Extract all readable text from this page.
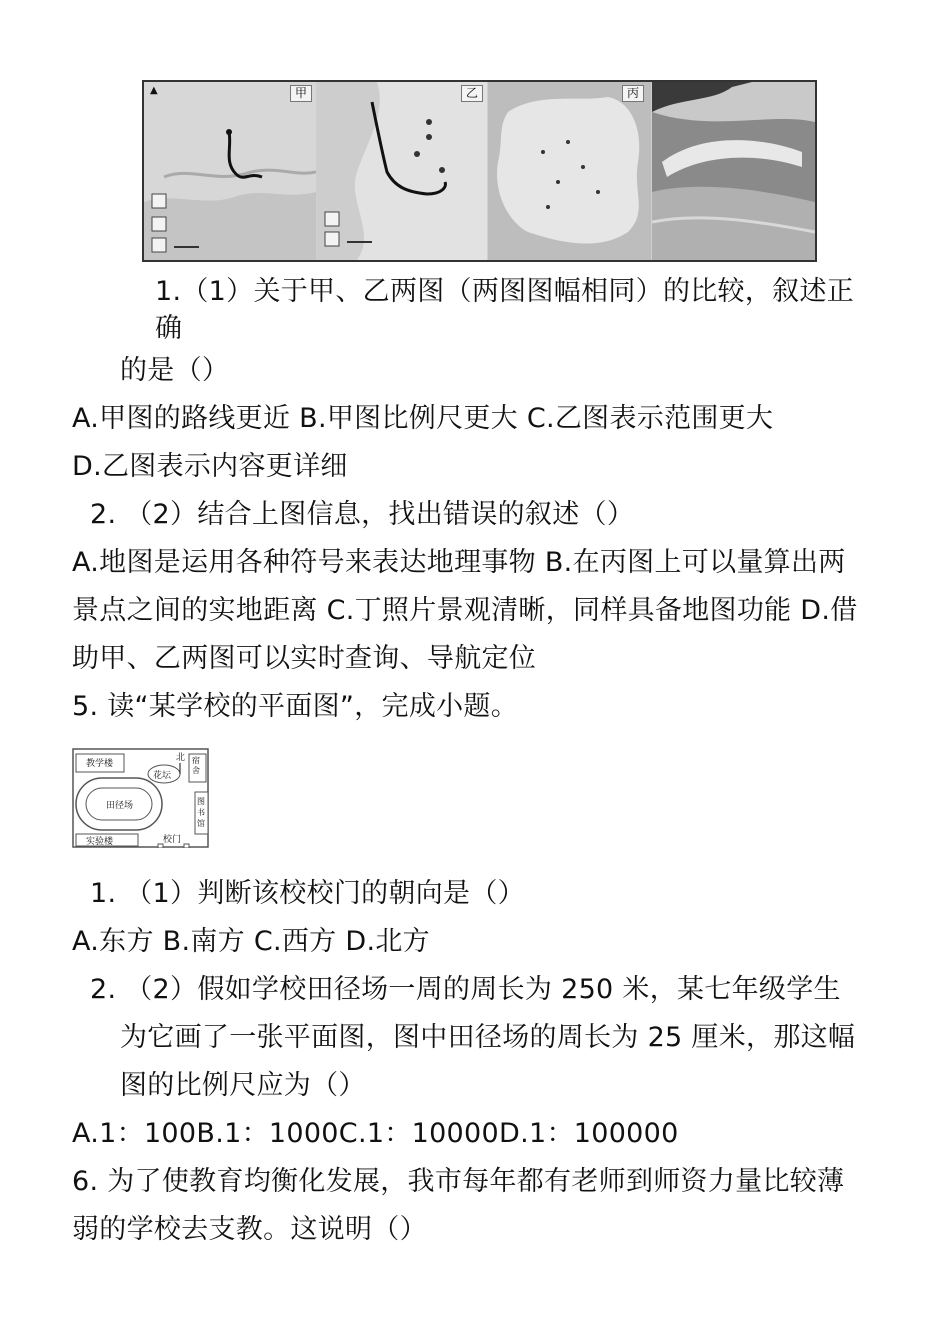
▲	甲	乙	丙
1.（1）关于甲、乙两图（两图图幅相同）的比较，叙述正
确
的是（）
A.甲图的路线更近 B.甲图比例尺更大 C.乙图表示范围更大
D.乙图表示内容更详细
2. （2）结合上图信息，找出错误的叙述（）
A.地图是运用各种符号来表达地理事物 B.在丙图上可以量算出两
景点之间的实地距离 C.丁照片景观清晰，同样具备地图功能 D.借
助甲、乙两图可以实时查询、导航定位
5. 读“某学校的平面图”，完成小题。
教学楼
花坛
北 宿舍
田径场	图书馆
实验楼	校门
1. （1）判断该校校门的朝向是（）
A.东方 B.南方 C.西方 D.北方
2. （2）假如学校田径场一周的周长为 250 米，某七年级学生
为它画了一张平面图，图中田径场的周长为 25 厘米，那这幅
图的比例尺应为（）
A.1：100B.1：1000C.1：10000D.1：100000
6. 为了使教育均衡化发展，我市每年都有老师到师资力量比较薄
弱的学校去支教。这说明（）
